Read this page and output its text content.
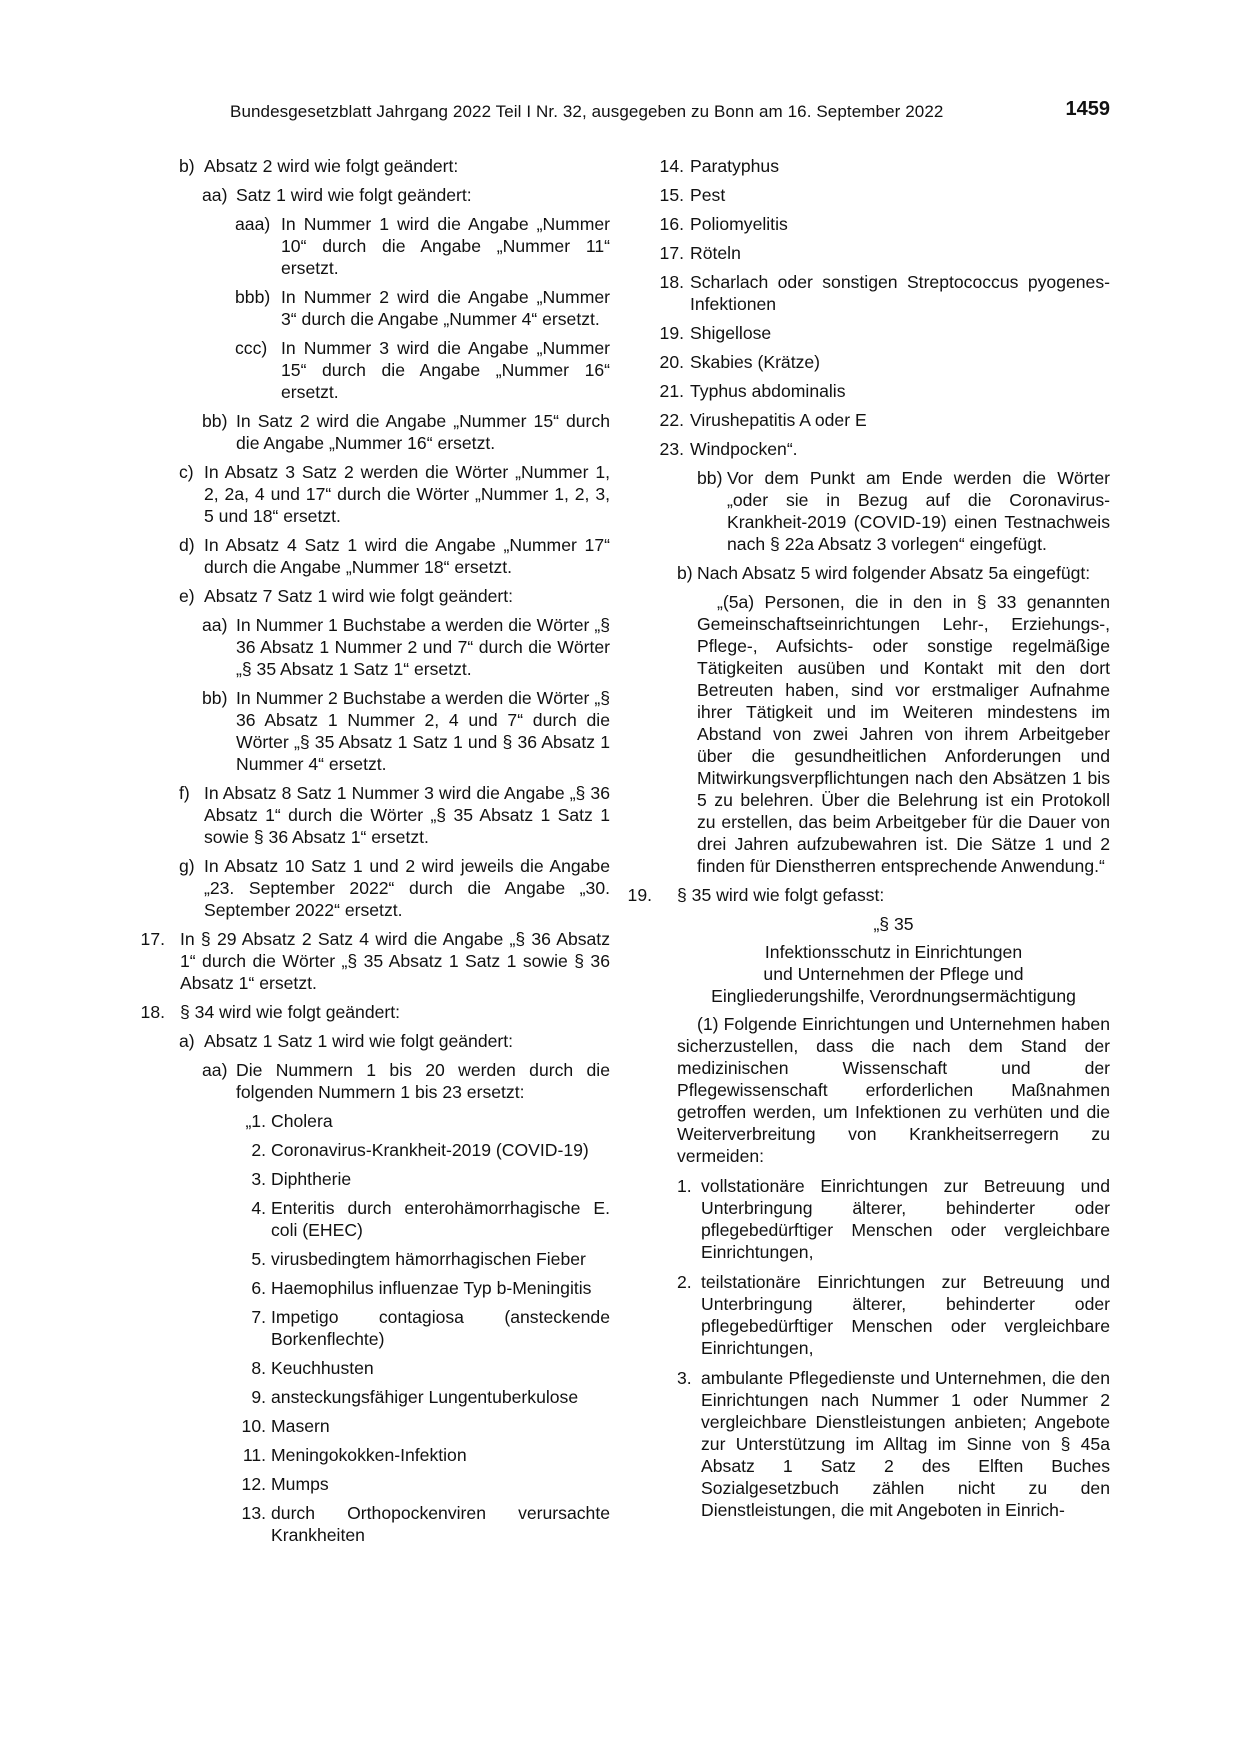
Bundesgesetzblatt Jahrgang 2022 Teil I Nr. 32, ausgegeben zu Bonn am 16. September 2022	1459
b) Absatz 2 wird wie folgt geändert:
aa) Satz 1 wird wie folgt geändert:
aaa) In Nummer 1 wird die Angabe „Nummer 10“ durch die Angabe „Nummer 11“ ersetzt.
bbb) In Nummer 2 wird die Angabe „Nummer 3“ durch die Angabe „Nummer 4“ ersetzt.
ccc) In Nummer 3 wird die Angabe „Nummer 15“ durch die Angabe „Nummer 16“ ersetzt.
bb) In Satz 2 wird die Angabe „Nummer 15“ durch die Angabe „Nummer 16“ ersetzt.
c) In Absatz 3 Satz 2 werden die Wörter „Nummer 1, 2, 2a, 4 und 17“ durch die Wörter „Nummer 1, 2, 3, 5 und 18“ ersetzt.
d) In Absatz 4 Satz 1 wird die Angabe „Nummer 17“ durch die Angabe „Nummer 18“ ersetzt.
e) Absatz 7 Satz 1 wird wie folgt geändert:
aa) In Nummer 1 Buchstabe a werden die Wörter „§ 36 Absatz 1 Nummer 2 und 7“ durch die Wörter „§ 35 Absatz 1 Satz 1“ ersetzt.
bb) In Nummer 2 Buchstabe a werden die Wörter „§ 36 Absatz 1 Nummer 2, 4 und 7“ durch die Wörter „§ 35 Absatz 1 Satz 1 und § 36 Absatz 1 Nummer 4“ ersetzt.
f) In Absatz 8 Satz 1 Nummer 3 wird die Angabe „§ 36 Absatz 1“ durch die Wörter „§ 35 Absatz 1 Satz 1 sowie § 36 Absatz 1“ ersetzt.
g) In Absatz 10 Satz 1 und 2 wird jeweils die Angabe „23. September 2022“ durch die Angabe „30. September 2022“ ersetzt.
17. In § 29 Absatz 2 Satz 4 wird die Angabe „§ 36 Absatz 1“ durch die Wörter „§ 35 Absatz 1 Satz 1 sowie § 36 Absatz 1“ ersetzt.
18. § 34 wird wie folgt geändert:
a) Absatz 1 Satz 1 wird wie folgt geändert:
aa) Die Nummern 1 bis 20 werden durch die folgenden Nummern 1 bis 23 ersetzt:
„1. Cholera
2. Coronavirus-Krankheit-2019 (COVID-19)
3. Diphtherie
4. Enteritis durch enterohämorrhagische E. coli (EHEC)
5. virusbedingtem hämorrhagischen Fieber
6. Haemophilus influenzae Typ b-Meningitis
7. Impetigo contagiosa (ansteckende Borkenflechte)
8. Keuchhusten
9. ansteckungsfähiger Lungentuberkulose
10. Masern
11. Meningokokken-Infektion
12. Mumps
13. durch Orthopockenviren verursachte Krankheiten
14. Paratyphus
15. Pest
16. Poliomyelitis
17. Röteln
18. Scharlach oder sonstigen Streptococcus pyogenes-Infektionen
19. Shigellose
20. Skabies (Krätze)
21. Typhus abdominalis
22. Virushepatitis A oder E
23. Windpocken“.
bb) Vor dem Punkt am Ende werden die Wörter „oder sie in Bezug auf die Coronavirus-Krankheit-2019 (COVID-19) einen Testnachweis nach § 22a Absatz 3 vorlegen“ eingefügt.
b) Nach Absatz 5 wird folgender Absatz 5a eingefügt:
„(5a) Personen, die in den in § 33 genannten Gemeinschaftseinrichtungen Lehr-, Erziehungs-, Pflege-, Aufsichts- oder sonstige regelmäßige Tätigkeiten ausüben und Kontakt mit den dort Betreuten haben, sind vor erstmaliger Aufnahme ihrer Tätigkeit und im Weiteren mindestens im Abstand von zwei Jahren von ihrem Arbeitgeber über die gesundheitlichen Anforderungen und Mitwirkungsverpflichtungen nach den Absätzen 1 bis 5 zu belehren. Über die Belehrung ist ein Protokoll zu erstellen, das beim Arbeitgeber für die Dauer von drei Jahren aufzubewahren ist. Die Sätze 1 und 2 finden für Dienstherren entsprechende Anwendung.“
19. § 35 wird wie folgt gefasst:
„§ 35
Infektionsschutz in Einrichtungen
und Unternehmen der Pflege und
Eingliederungshilfe, Verordnungsermächtigung
(1) Folgende Einrichtungen und Unternehmen haben sicherzustellen, dass die nach dem Stand der medizinischen Wissenschaft und der Pflegewissenschaft erforderlichen Maßnahmen getroffen werden, um Infektionen zu verhüten und die Weiterverbreitung von Krankheitserregern zu vermeiden:
1. vollstationäre Einrichtungen zur Betreuung und Unterbringung älterer, behinderter oder pflegebedürftiger Menschen oder vergleichbare Einrichtungen,
2. teilstationäre Einrichtungen zur Betreuung und Unterbringung älterer, behinderter oder pflegebedürftiger Menschen oder vergleichbare Einrichtungen,
3. ambulante Pflegedienste und Unternehmen, die den Einrichtungen nach Nummer 1 oder Nummer 2 vergleichbare Dienstleistungen anbieten; Angebote zur Unterstützung im Alltag im Sinne von § 45a Absatz 1 Satz 2 des Elften Buches Sozialgesetzbuch zählen nicht zu den Dienstleistungen, die mit Angeboten in Einrich-
